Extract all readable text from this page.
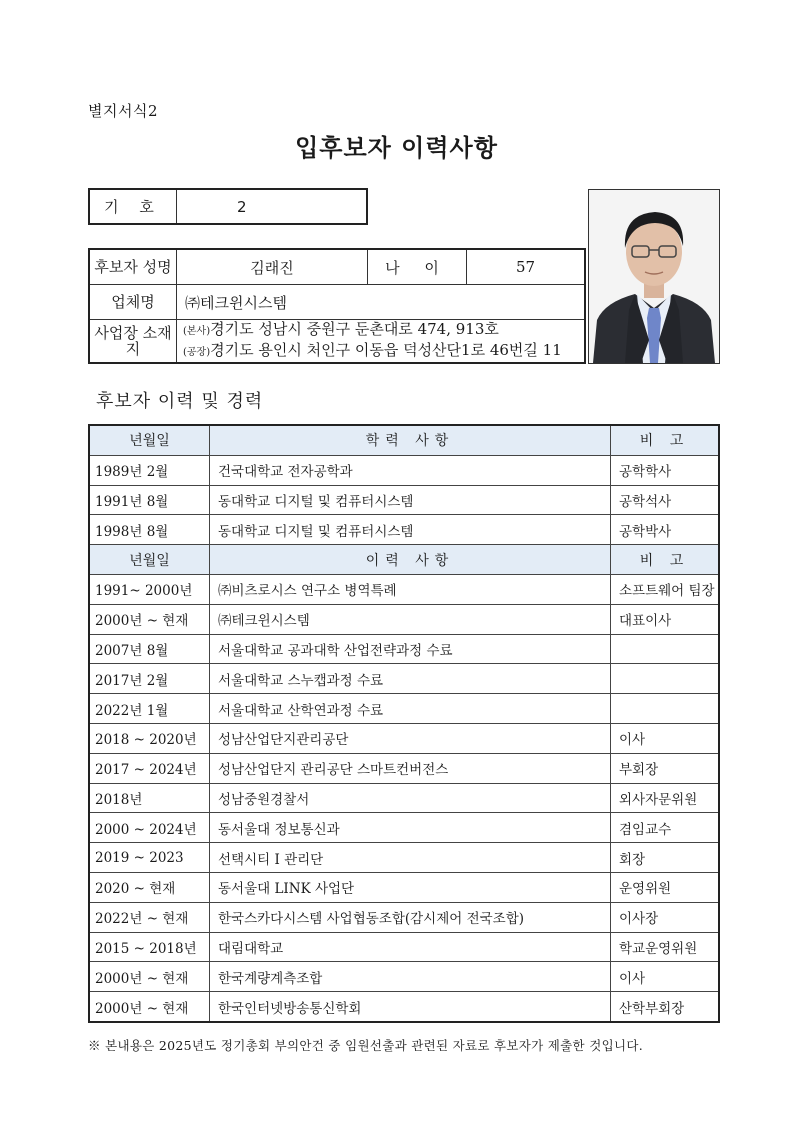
별지서식2
입후보자 이력사항
기 호	2
후보자 성명	김래진	나 이	57
업체명	㈜테크윈시스템		
사업장 소재지	(본사)경기도 성남시 중원구 둔촌대로 474, 913호
(공장)경기도 용인시 처인구 이동읍 덕성산단1로 46번길 11		
후보자 이력 및 경력
년월일	학력 사항	비 고
1989년 2월	건국대학교 전자공학과	공학학사
1991년 8월	동대학교 디지털 및 컴퓨터시스템	공학석사
1998년 8월	동대학교 디지털 및 컴퓨터시스템	공학박사
년월일	이력 사항	비 고
1991~ 2000년	㈜비츠로시스 연구소 병역특례	소프트웨어 팀장
2000년 ~ 현재	㈜테크윈시스템	대표이사
2007년 8월	서울대학교 공과대학 산업전략과정 수료	
2017년 2월	서울대학교 스누캡과정 수료	
2022년 1월	서울대학교 산학연과정 수료	
2018 ~ 2020년	성남산업단지관리공단	이사
2017 ~ 2024년	성남산업단지 관리공단 스마트컨버전스	부회장
2018년	성남중원경찰서	외사자문위원
2000 ~ 2024년	동서울대 정보통신과	겸임교수
2019 ~ 2023	선택시티 I 관리단	회장
2020 ~ 현재	동서울대 LINK 사업단	운영위원
2022년 ~ 현재	한국스카다시스템 사업협동조합(감시제어 전국조합)	이사장
2015 ~ 2018년	대림대학교	학교운영위원
2000년 ~ 현재	한국계량계측조합	이사
2000년 ~ 현재	한국인터넷방송통신학회	산학부회장
※ 본내용은 2025년도 정기총회 부의안건 중 임원선출과 관련된 자료로 후보자가 제출한 것입니다.
